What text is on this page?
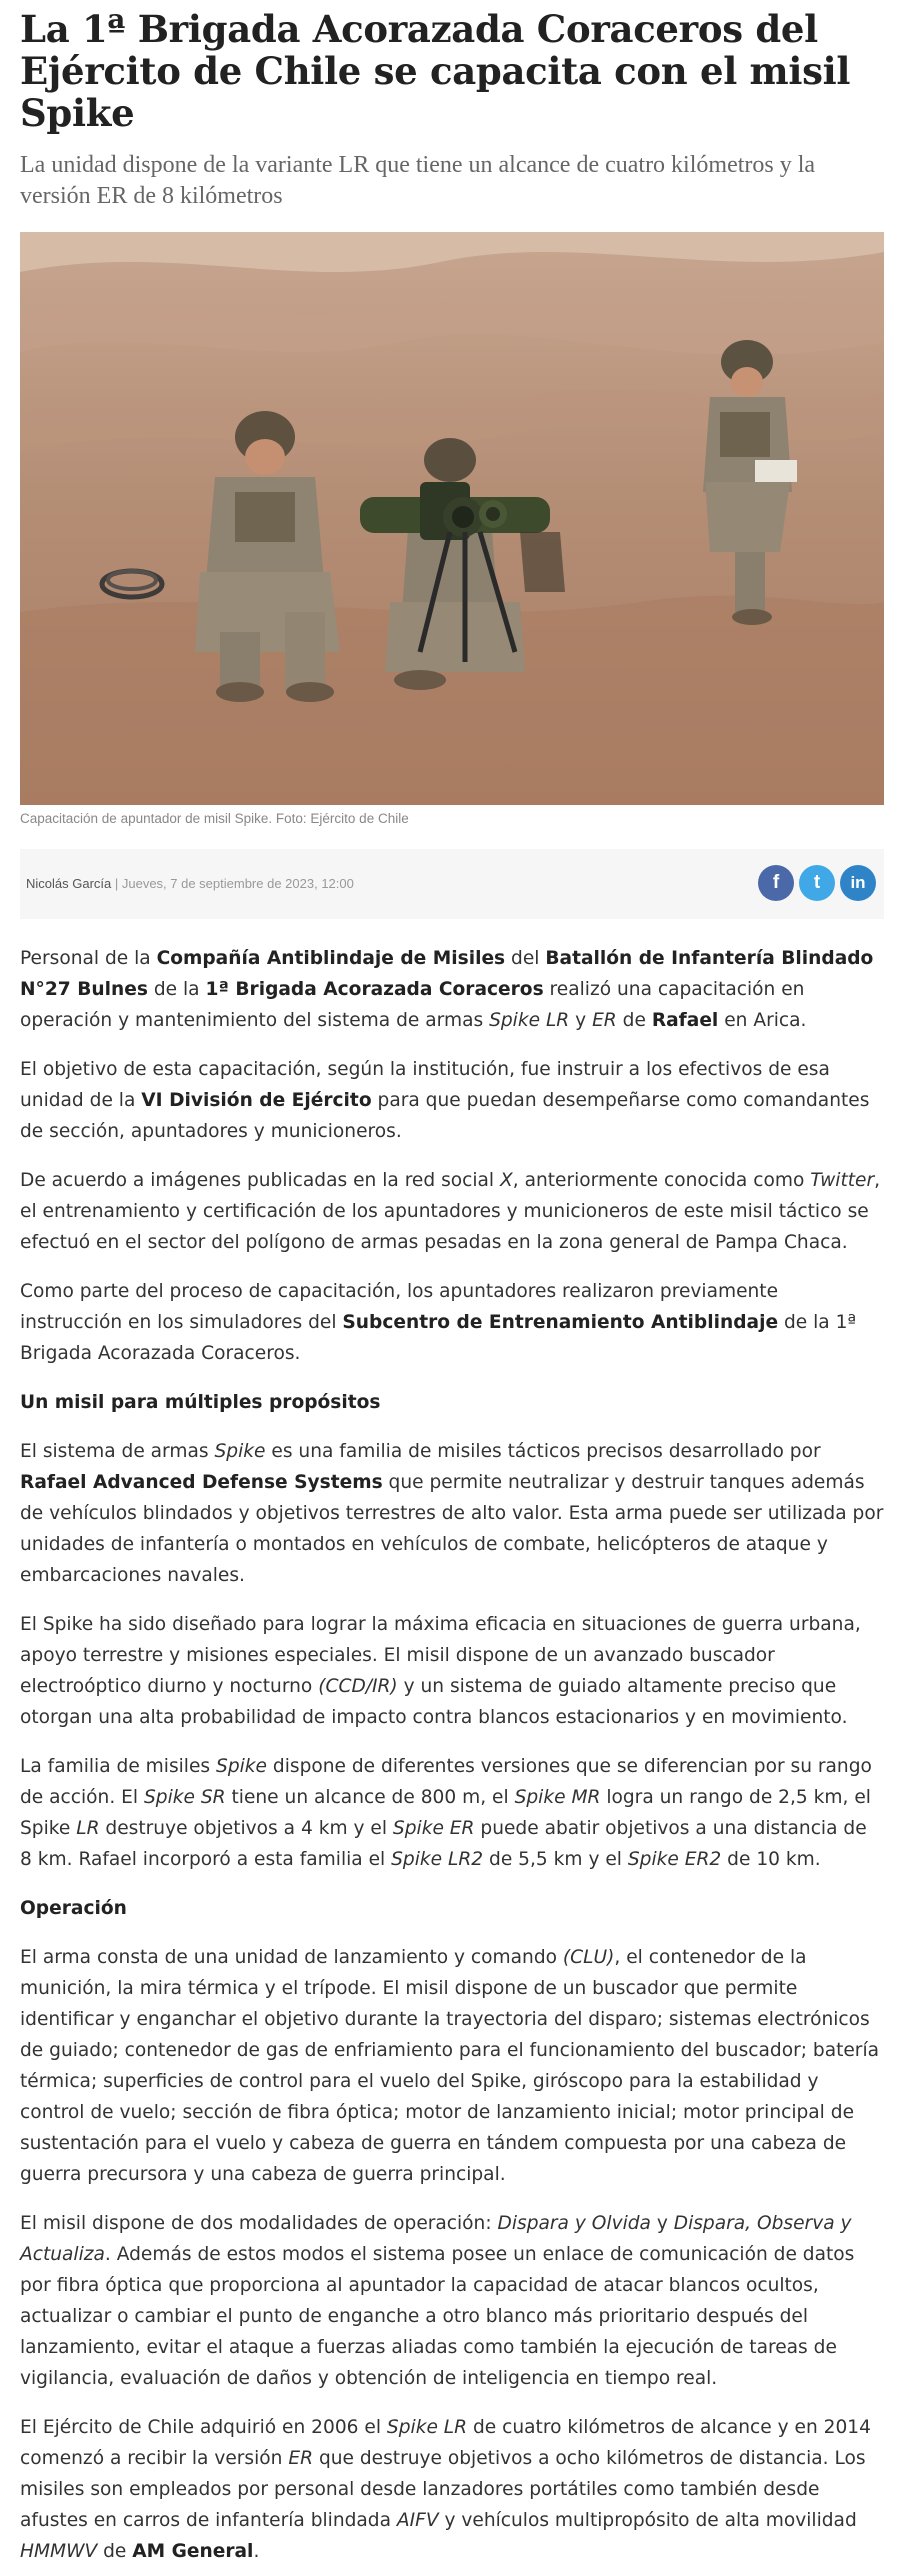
La 1ª Brigada Acorazada Coraceros del Ejército de Chile se capacita con el misil Spike
La unidad dispone de la variante LR que tiene un alcance de cuatro kilómetros y la versión ER de 8 kilómetros
Capacitación de apuntador de misil Spike. Foto: Ejército de Chile
Nicolás García | Jueves, 7 de septiembre de 2023, 12:00	f t in

Personal de la Compañía Antiblindaje de Misiles del Batallón de Infantería Blindado N°27 Bulnes de la 1ª Brigada Acorazada Coraceros realizó una capacitación en operación y mantenimiento del sistema de armas Spike LR y ER de Rafael en Arica.

El objetivo de esta capacitación, según la institución, fue instruir a los efectivos de esa unidad de la VI División de Ejército para que puedan desempeñarse como comandantes de sección, apuntadores y municioneros.

De acuerdo a imágenes publicadas en la red social X, anteriormente conocida como Twitter, el entrenamiento y certificación de los apuntadores y municioneros de este misil táctico se efectuó en el sector del polígono de armas pesadas en la zona general de Pampa Chaca.

Como parte del proceso de capacitación, los apuntadores realizaron previamente instrucción en los simuladores del Subcentro de Entrenamiento Antiblindaje de la 1ª Brigada Acorazada Coraceros.

Un misil para múltiples propósitos

El sistema de armas Spike es una familia de misiles tácticos precisos desarrollado por Rafael Advanced Defense Systems que permite neutralizar y destruir tanques además de vehículos blindados y objetivos terrestres de alto valor. Esta arma puede ser utilizada por unidades de infantería o montados en vehículos de combate, helicópteros de ataque y embarcaciones navales.

El Spike ha sido diseñado para lograr la máxima eficacia en situaciones de guerra urbana, apoyo terrestre y misiones especiales. El misil dispone de un avanzado buscador electroóptico diurno y nocturno (CCD/IR) y un sistema de guiado altamente preciso que otorgan una alta probabilidad de impacto contra blancos estacionarios y en movimiento.

La familia de misiles Spike dispone de diferentes versiones que se diferencian por su rango de acción. El Spike SR tiene un alcance de 800 m, el Spike MR logra un rango de 2,5 km, el Spike LR destruye objetivos a 4 km y el Spike ER puede abatir objetivos a una distancia de 8 km. Rafael incorporó a esta familia el Spike LR2 de 5,5 km y el Spike ER2 de 10 km.

Operación

El arma consta de una unidad de lanzamiento y comando (CLU), el contenedor de la munición, la mira térmica y el trípode. El misil dispone de un buscador que permite identificar y enganchar el objetivo durante la trayectoria del disparo; sistemas electrónicos de guiado; contenedor de gas de enfriamiento para el funcionamiento del buscador; batería térmica; superficies de control para el vuelo del Spike, giróscopo para la estabilidad y control de vuelo; sección de fibra óptica; motor de lanzamiento inicial; motor principal de sustentación para el vuelo y cabeza de guerra en tándem compuesta por una cabeza de guerra precursora y una cabeza de guerra principal.

El misil dispone de dos modalidades de operación: Dispara y Olvida y Dispara, Observa y Actualiza. Además de estos modos el sistema posee un enlace de comunicación de datos por fibra óptica que proporciona al apuntador la capacidad de atacar blancos ocultos, actualizar o cambiar el punto de enganche a otro blanco más prioritario después del lanzamiento, evitar el ataque a fuerzas aliadas como también la ejecución de tareas de vigilancia, evaluación de daños y obtención de inteligencia en tiempo real.

El Ejército de Chile adquirió en 2006 el Spike LR de cuatro kilómetros de alcance y en 2014 comenzó a recibir la versión ER que destruye objetivos a ocho kilómetros de distancia. Los misiles son empleados por personal desde lanzadores portátiles como también desde afustes en carros de infantería blindada AIFV y vehículos multipropósito de alta movilidad HMMWV de AM General.
